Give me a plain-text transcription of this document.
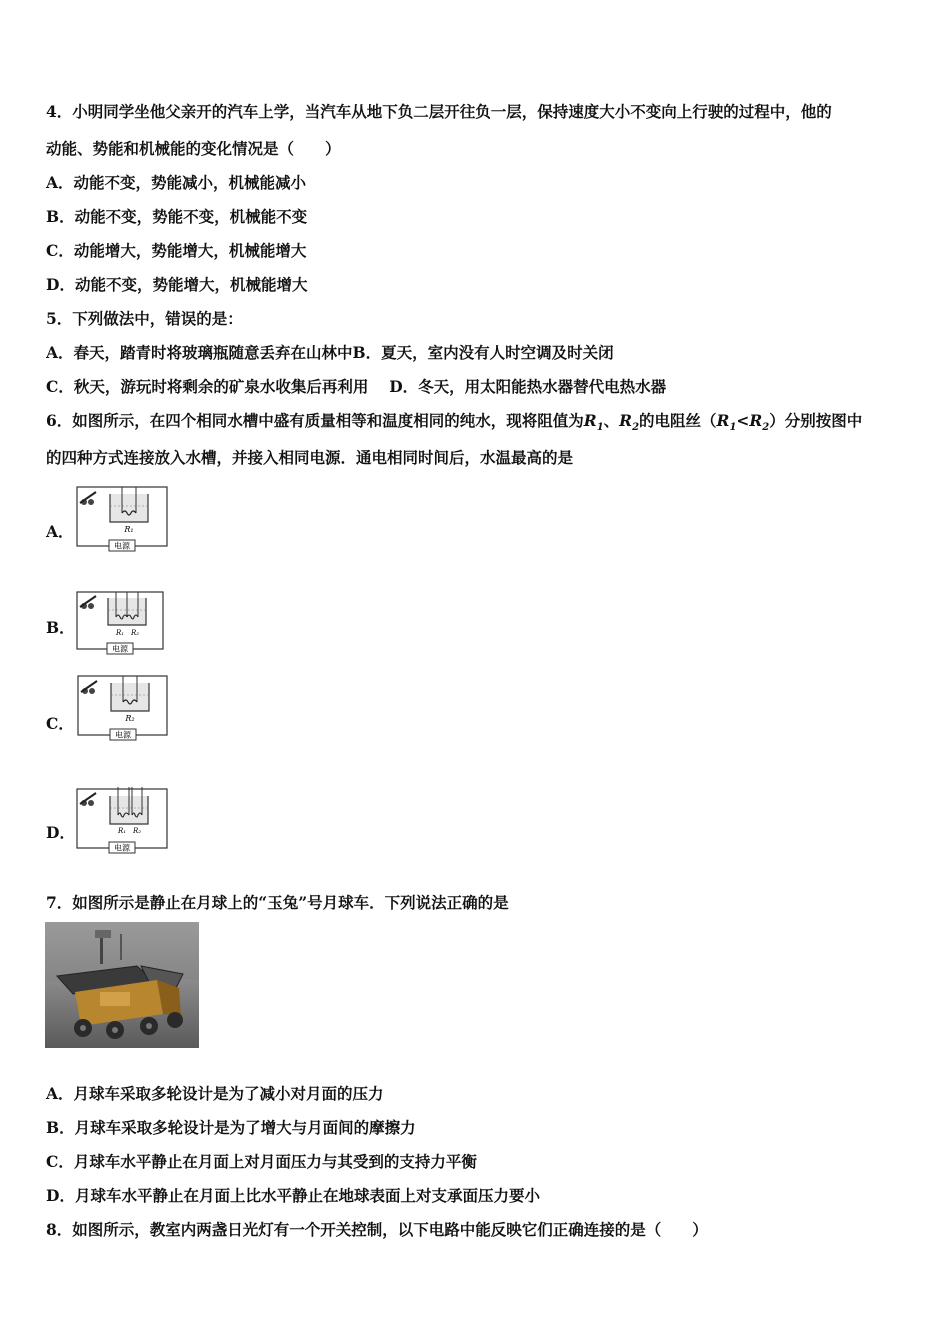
4．小明同学坐他父亲开的汽车上学，当汽车从地下负二层开往负一层，保持速度大小不变向上行驶的过程中，他的
动能、势能和机械能的变化情况是（　　）
A．动能不变，势能减小，机械能减小
B．动能不变，势能不变，机械能不变
C．动能增大，势能增大，机械能增大
D．动能不变，势能增大，机械能增大
5．下列做法中，错误的是：
A．春天，踏青时将玻璃瓶随意丢弃在山林中B．夏天，室内没有人时空调及时关闭
C．秋天，游玩时将剩余的矿泉水收集后再利用　 D．冬天，用太阳能热水器替代电热水器
6．如图所示，在四个相同水槽中盛有质量相等和温度相同的纯水，现将阻值为$R_1$、$R_2$的电阻丝$(R_1<R_2)$分别按图中
的四种方式连接放入水槽，并接入相同电源．通电相同时间后，水温最高的是
A．	R₁
电源
B．	R₁ R₂
电源
C．	R₂
电源
D．	R₁ R₂
电源
7．如图所示是静止在月球上的“玉兔”号月球车．下列说法正确的是
A．月球车采取多轮设计是为了减小对月面的压力
B．月球车采取多轮设计是为了增大与月面间的摩擦力
C．月球车水平静止在月面上对月面压力与其受到的支持力平衡
D．月球车水平静止在月面上比水平静止在地球表面上对支承面压力要小
8．如图所示，教室内两盏日光灯有一个开关控制，以下电路中能反映它们正确连接的是（　　）
